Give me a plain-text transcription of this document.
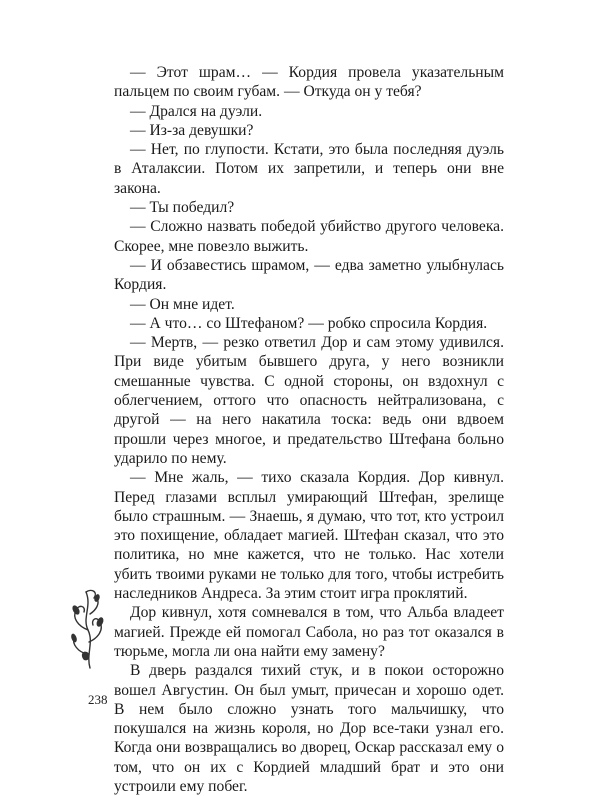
— Этот шрам… — Кордия провела указательным пальцем по своим губам. — Откуда он у тебя?

— Дрался на дуэли.

— Из-за девушки?

— Нет, по глупости. Кстати, это была последняя дуэль в Аталаксии. Потом их запретили, и теперь они вне закона.

— Ты победил?

— Сложно назвать победой убийство другого человека. Скорее, мне повезло выжить.

— И обзавестись шрамом, — едва заметно улыбнулась Кордия.

— Он мне идет.

— А что… со Штефаном? — робко спросила Кордия.

— Мертв, — резко ответил Дор и сам этому удивился. При виде убитым бывшего друга, у него возникли смешанные чувства. С одной стороны, он вздохнул с облегчением, оттого что опасность нейтрализована, с другой — на него накатила тоска: ведь они вдвоем прошли через многое, и предательство Штефана больно ударило по нему.

— Мне жаль, — тихо сказала Кордия. Дор кивнул. Перед глазами всплыл умирающий Штефан, зрелище было страшным. — Знаешь, я думаю, что тот, кто устроил это похищение, обладает магией. Штефан сказал, что это политика, но мне кажется, что не только. Нас хотели убить твоими руками не только для того, чтобы истребить наследников Андреса. За этим стоит игра проклятий.

Дор кивнул, хотя сомневался в том, что Альба владеет магией. Прежде ей помогал Сабола, но раз тот оказался в тюрьме, могла ли она найти ему замену?

В дверь раздался тихий стук, и в покои осторожно вошел Августин. Он был умыт, причесан и хорошо одет. В нем было сложно узнать того мальчишку, что покушался на жизнь короля, но Дор все-таки узнал его. Когда они возвращались во дворец, Оскар рассказал ему о том, что он их с Кордией младший брат и это они устроили ему побег.

238
